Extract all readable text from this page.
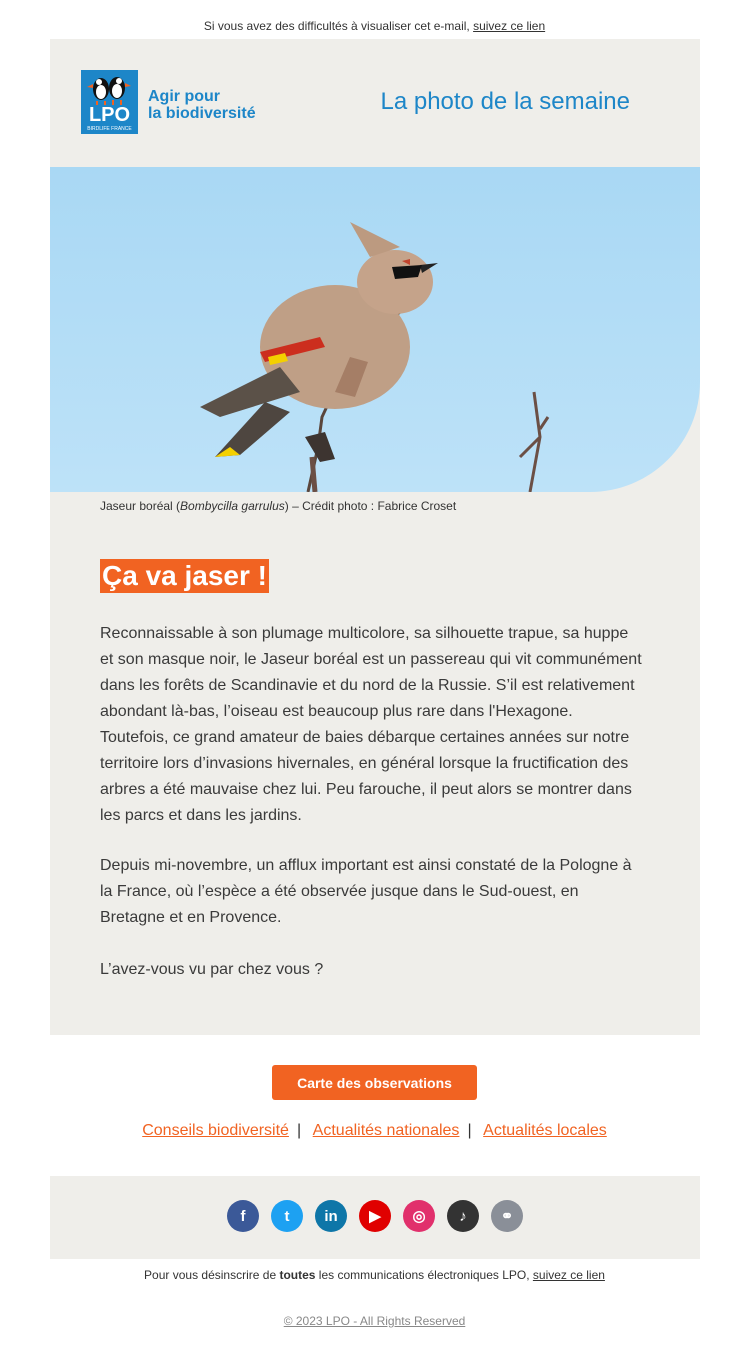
Si vous avez des difficultés à visualiser cet e-mail, suivez ce lien
LPO
BIRDLIFE FRANCE
Agir pour
la biodiversité	La photo de la semaine
Jaseur boréal (Bombycilla garrulus) – Crédit photo : Fabrice Croset
Ça va jaser !

Reconnaissable à son plumage multicolore, sa silhouette trapue, sa huppe et son masque noir, le Jaseur boréal est un passereau qui vit communément dans les forêts de Scandinavie et du nord de la Russie. S’il est relativement abondant là-bas, l’oiseau est beaucoup plus rare dans l'Hexagone. Toutefois, ce grand amateur de baies débarque certaines années sur notre territoire lors d’invasions hivernales, en général lorsque la fructification des arbres a été mauvaise chez lui. Peu farouche, il peut alors se montrer dans les parcs et dans les jardins.

Depuis mi-novembre, un afflux important est ainsi constaté de la Pologne à la France, où l’espèce a été observée jusque dans le Sud-ouest, en Bretagne et en Provence.

L’avez-vous vu par chez vous ?

Carte des observations
Conseils biodiversité | Actualités nationales | Actualités locales
f	t	in	▶	◎	♪	⚭
Pour vous désinscrire de toutes les communications électroniques LPO, suivez ce lien
© 2023 LPO - All Rights Reserved
